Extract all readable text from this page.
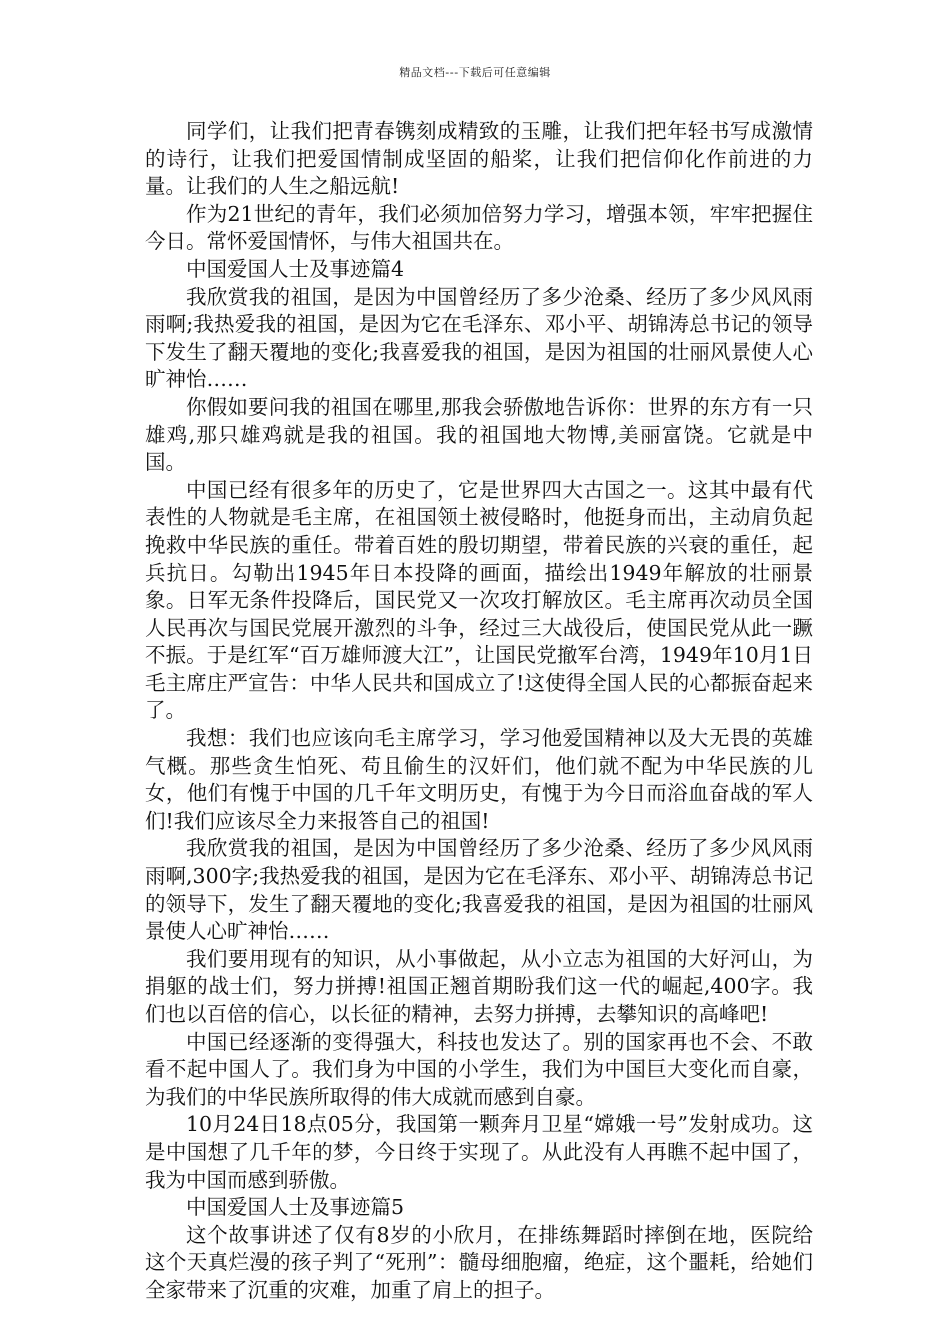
精品文档---下载后可任意编辑

同学们，让我们把青春镌刻成精致的玉雕，让我们把年轻书写成激情的诗行，让我们把爱国情制成坚固的船桨，让我们把信仰化作前进的力量。让我们的人生之船远航!

作为21世纪的青年，我们必须加倍努力学习，增强本领，牢牢把握住今日。常怀爱国情怀，与伟大祖国共在。

中国爱国人士及事迹篇4

我欣赏我的祖国，是因为中国曾经历了多少沧桑、经历了多少风风雨雨啊;我热爱我的祖国，是因为它在毛泽东、邓小平、胡锦涛总书记的领导下发生了翻天覆地的变化;我喜爱我的祖国，是因为祖国的壮丽风景使人心旷神怡……

你假如要问我的祖国在哪里,那我会骄傲地告诉你：世界的东方有一只雄鸡,那只雄鸡就是我的祖国。我的祖国地大物博,美丽富饶。它就是中国。

中国已经有很多年的历史了，它是世界四大古国之一。这其中最有代表性的人物就是毛主席，在祖国领土被侵略时，他挺身而出，主动肩负起挽救中华民族的重任。带着百姓的殷切期望，带着民族的兴衰的重任，起兵抗日。勾勒出1945年日本投降的画面，描绘出1949年解放的壮丽景象。日军无条件投降后，国民党又一次攻打解放区。毛主席再次动员全国人民再次与国民党展开激烈的斗争，经过三大战役后，使国民党从此一蹶不振。于是红军“百万雄师渡大江”，让国民党撤军台湾，1949年10月1日毛主席庄严宣告：中华人民共和国成立了!这使得全国人民的心都振奋起来了。

我想：我们也应该向毛主席学习，学习他爱国精神以及大无畏的英雄气概。那些贪生怕死、苟且偷生的汉奸们，他们就不配为中华民族的儿女，他们有愧于中国的几千年文明历史，有愧于为今日而浴血奋战的军人们!我们应该尽全力来报答自己的祖国!

我欣赏我的祖国，是因为中国曾经历了多少沧桑、经历了多少风风雨雨啊,300字;我热爱我的祖国，是因为它在毛泽东、邓小平、胡锦涛总书记的领导下，发生了翻天覆地的变化;我喜爱我的祖国，是因为祖国的壮丽风景使人心旷神怡……

我们要用现有的知识，从小事做起，从小立志为祖国的大好河山，为捐躯的战士们，努力拼搏!祖国正翘首期盼我们这一代的崛起,400字。我们也以百倍的信心，以长征的精神，去努力拼搏，去攀知识的高峰吧!

中国已经逐渐的变得强大，科技也发达了。别的国家再也不会、不敢看不起中国人了。我们身为中国的小学生，我们为中国巨大变化而自豪，为我们的中华民族所取得的伟大成就而感到自豪。

10月24日18点05分，我国第一颗奔月卫星“嫦娥一号”发射成功。这是中国想了几千年的梦，今日终于实现了。从此没有人再瞧不起中国了，我为中国而感到骄傲。

中国爱国人士及事迹篇5

这个故事讲述了仅有8岁的小欣月，在排练舞蹈时摔倒在地，医院给这个天真烂漫的孩子判了“死刑”：髓母细胞瘤，绝症，这个噩耗，给她们全家带来了沉重的灾难，加重了肩上的担子。
